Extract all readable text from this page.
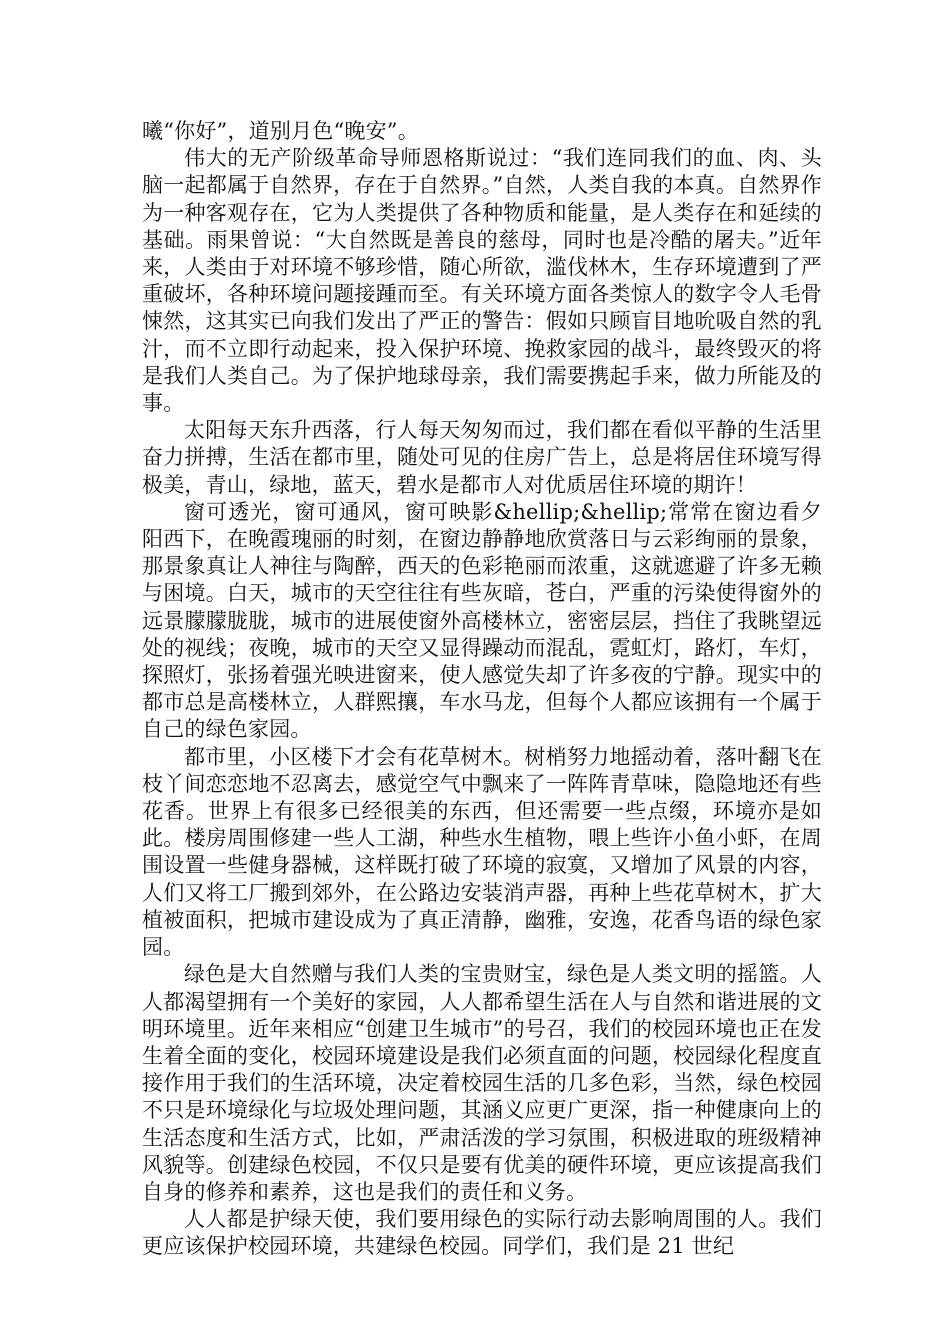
曦“你好”，道别月色“晚安”。

伟大的无产阶级革命导师恩格斯说过：“我们连同我们的血、肉、头脑一起都属于自然界，存在于自然界。”自然，人类自我的本真。自然界作为一种客观存在，它为人类提供了各种物质和能量，是人类存在和延续的基础。雨果曾说：“大自然既是善良的慈母，同时也是冷酷的屠夫。”近年来，人类由于对环境不够珍惜，随心所欲，滥伐林木，生存环境遭到了严重破坏，各种环境问题接踵而至。有关环境方面各类惊人的数字令人毛骨悚然，这其实已向我们发出了严正的警告：假如只顾盲目地吮吸自然的乳汁，而不立即行动起来，投入保护环境、挽救家园的战斗，最终毁灭的将是我们人类自己。为了保护地球母亲，我们需要携起手来，做力所能及的事。

太阳每天东升西落，行人每天匆匆而过，我们都在看似平静的生活里奋力拼搏，生活在都市里，随处可见的住房广告上，总是将居住环境写得极美，青山，绿地，蓝天，碧水是都市人对优质居住环境的期许！

窗可透光，窗可通风，窗可映影&hellip;&hellip;常常在窗边看夕阳西下，在晚霞瑰丽的时刻，在窗边静静地欣赏落日与云彩绚丽的景象，那景象真让人神往与陶醉，西天的色彩艳丽而浓重，这就遮避了许多无赖与困境。白天，城市的天空往往有些灰暗，苍白，严重的污染使得窗外的远景朦朦胧胧，城市的进展使窗外高楼林立，密密层层，挡住了我眺望远处的视线；夜晚，城市的天空又显得躁动而混乱，霓虹灯，路灯，车灯，探照灯，张扬着强光映进窗来，使人感觉失却了许多夜的宁静。现实中的都市总是高楼林立，人群熙攘，车水马龙，但每个人都应该拥有一个属于自己的绿色家园。

都市里，小区楼下才会有花草树木。树梢努力地摇动着，落叶翻飞在枝丫间恋恋地不忍离去，感觉空气中飘来了一阵阵青草味，隐隐地还有些花香。世界上有很多已经很美的东西，但还需要一些点缀，环境亦是如此。楼房周围修建一些人工湖，种些水生植物，喂上些许小鱼小虾，在周围设置一些健身器械，这样既打破了环境的寂寞，又增加了风景的内容，人们又将工厂搬到郊外，在公路边安装消声器，再种上些花草树木，扩大植被面积，把城市建设成为了真正清静，幽雅，安逸，花香鸟语的绿色家园。

绿色是大自然赠与我们人类的宝贵财宝，绿色是人类文明的摇篮。人人都渴望拥有一个美好的家园，人人都希望生活在人与自然和谐进展的文明环境里。近年来相应“创建卫生城市”的号召，我们的校园环境也正在发生着全面的变化，校园环境建设是我们必须直面的问题，校园绿化程度直接作用于我们的生活环境，决定着校园生活的几多色彩，当然，绿色校园不只是环境绿化与垃圾处理问题，其涵义应更广更深，指一种健康向上的生活态度和生活方式，比如，严肃活泼的学习氛围，积极进取的班级精神风貌等。创建绿色校园，不仅只是要有优美的硬件环境，更应该提高我们自身的修养和素养，这也是我们的责任和义务。

人人都是护绿天使，我们要用绿色的实际行动去影响周围的人。我们更应该保护校园环境，共建绿色校园。同学们，我们是 21 世纪
